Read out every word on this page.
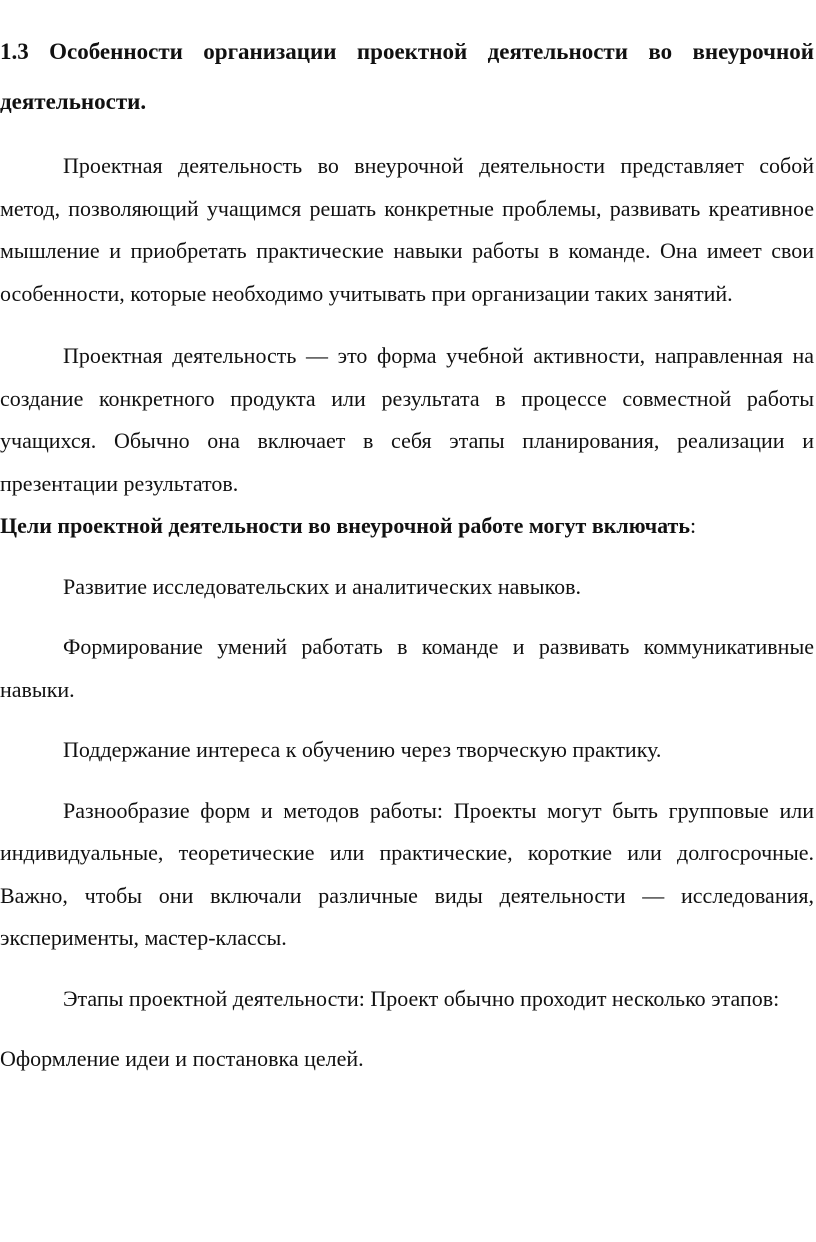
1.3 Особенности организации проектной деятельности во внеурочной деятельности.

Проектная деятельность во внеурочной деятельности представляет собой метод, позволяющий учащимся решать конкретные проблемы, развивать креативное мышление и приобретать практические навыки работы в команде. Она имеет свои особенности, которые необходимо учитывать при организации таких занятий.

Проектная деятельность — это форма учебной активности, направленная на создание конкретного продукта или результата в процессе совместной работы учащихся. Обычно она включает в себя этапы планирования, реализации и презентации результатов.

Цели проектной деятельности во внеурочной работе могут включать:

Развитие исследовательских и аналитических навыков.

Формирование умений работать в команде и развивать коммуникативные навыки.

Поддержание интереса к обучению через творческую практику.

Разнообразие форм и методов работы: Проекты могут быть групповые или индивидуальные, теоретические или практические, короткие или долгосрочные. Важно, чтобы они включали различные виды деятельности — исследования, эксперименты, мастер-классы.

Этапы проектной деятельности: Проект обычно проходит несколько этапов:

Оформление идеи и постановка целей.
